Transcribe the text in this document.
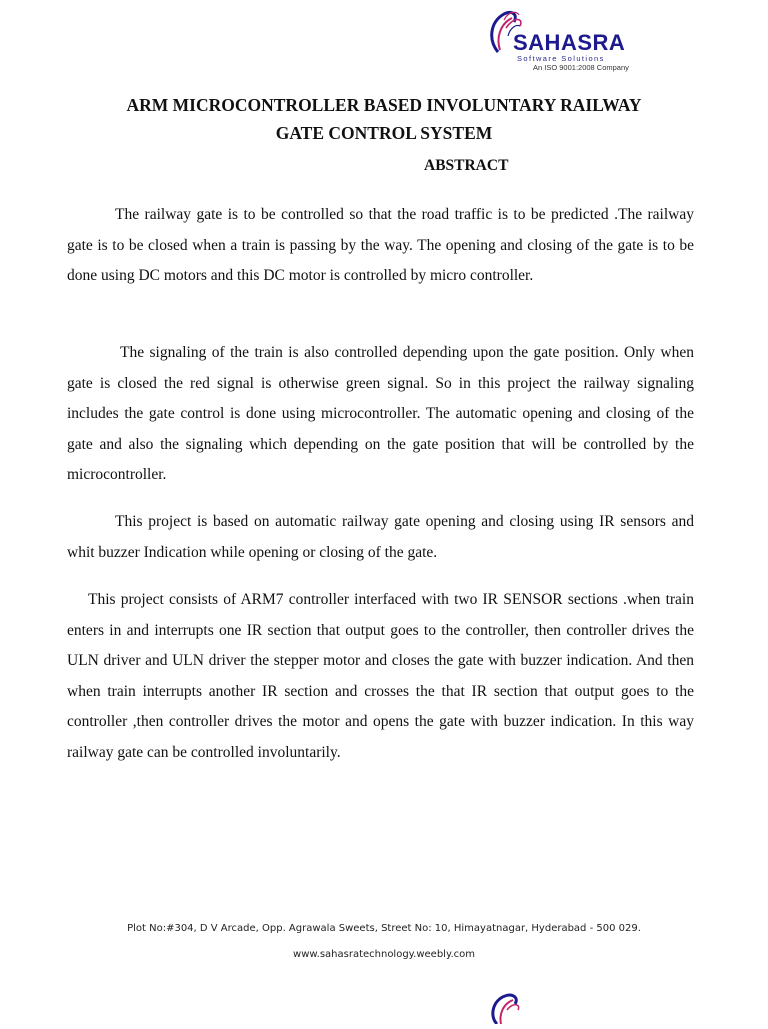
SAHASRA
Software Solutions
An ISO 9001:2008 Company
ARM MICROCONTROLLER BASED INVOLUNTARY RAILWAY
GATE CONTROL SYSTEM
ABSTRACT

The railway gate is to be controlled so that the road traffic is to be predicted .The railway gate is to be closed when a train is passing by the way. The opening and closing of the gate is to be done using DC motors and this DC motor is controlled by micro controller.

The signaling of the train is also controlled depending upon the gate position. Only when gate is closed the red signal is otherwise green signal. So in this project the railway signaling includes the gate control is done using microcontroller. The automatic opening and closing of the gate and also the signaling which depending on the gate position that will be controlled by the microcontroller.

This project is based on automatic railway gate opening and closing using IR sensors and whit buzzer Indication while opening or closing of the gate.

This project consists of ARM7 controller interfaced with two IR SENSOR sections .when train enters in and interrupts one IR section that output goes to the controller, then controller drives the ULN driver and ULN driver the stepper motor and closes the gate with buzzer indication. And then when train interrupts another IR section and crosses the that IR section that output goes to the controller ,then controller drives the motor and opens the gate with buzzer indication. In this way railway gate can be controlled involuntarily.

Plot No:#304, D V Arcade, Opp. Agrawala Sweets, Street No: 10, Himayatnagar, Hyderabad - 500 029.
www.sahasratechnology.weebly.com
